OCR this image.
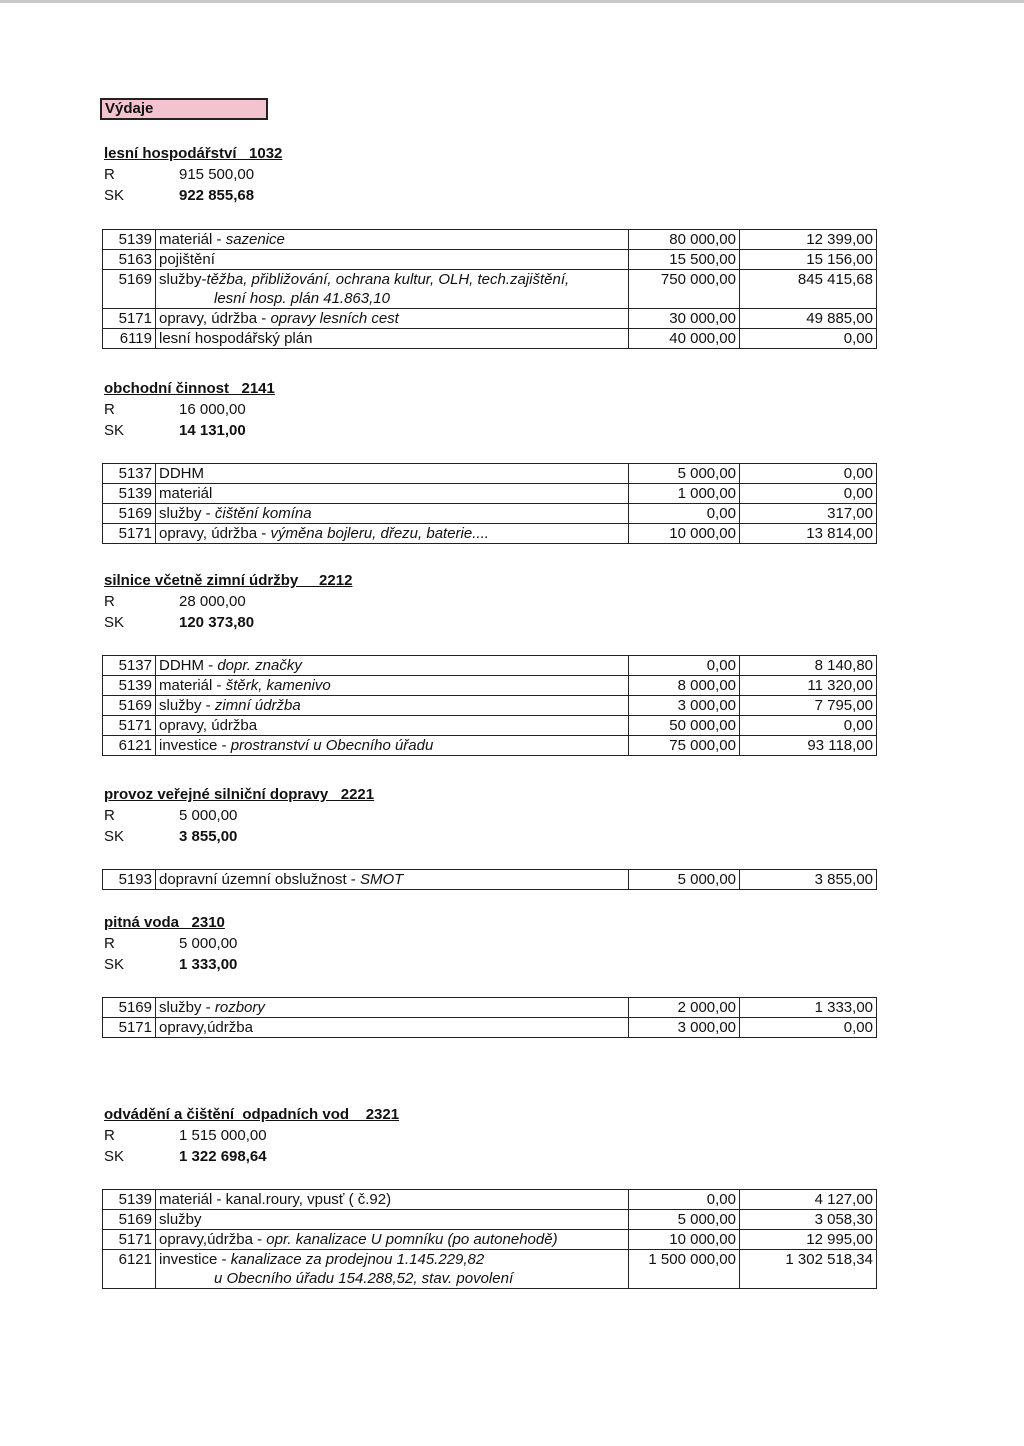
Výdaje
lesní hospodářství   1032
R	915 500,00
SK	922 855,68
obchodní činnost   2141
R	16 000,00
SK	14 131,00
silnice včetně zimní údržby     2212
R	28 000,00
SK	120 373,80
provoz veřejné silniční dopravy   2221
R	5 000,00
SK	3 855,00
pitná voda   2310
R	5 000,00
SK	1 333,00
odvádění a čištění  odpadních vod    2321
R	1 515 000,00
SK	1 322 698,64
5139	materiál - sazenice	80 000,00	12 399,00
5163	pojištění	15 500,00	15 156,00
5169	služby-těžba, přibližování, ochrana kultur, OLH, tech.zajištění,
lesní hosp. plán 41.863,10	750 000,00	845 415,68
5171	opravy, údržba - opravy lesních cest	30 000,00	49 885,00
6119	lesní hospodářský plán	40 000,00	0,00
5137	DDHM	5 000,00	0,00
5139	materiál	1 000,00	0,00
5169	služby - čištění komína	0,00	317,00
5171	opravy, údržba - výměna bojleru, dřezu, baterie....	10 000,00	13 814,00
5137	DDHM - dopr. značky	0,00	8 140,80
5139	materiál - štěrk, kamenivo	8 000,00	11 320,00
5169	služby - zimní údržba	3 000,00	7 795,00
5171	opravy, údržba	50 000,00	0,00
6121	investice - prostranství u Obecního úřadu	75 000,00	93 118,00
5193	dopravní územní obslužnost - SMOT	5 000,00	3 855,00
5169	služby - rozbory	2 000,00	1 333,00
5171	opravy,údržba	3 000,00	0,00
5139	materiál - kanal.roury, vpusť ( č.92)	0,00	4 127,00
5169	služby	5 000,00	3 058,30
5171	opravy,údržba - opr. kanalizace U pomníku (po autonehodě)	10 000,00	12 995,00
6121	investice - kanalizace za prodejnou 1.145.229,82
u Obecního úřadu 154.288,52, stav. povolení	1 500 000,00	1 302 518,34
